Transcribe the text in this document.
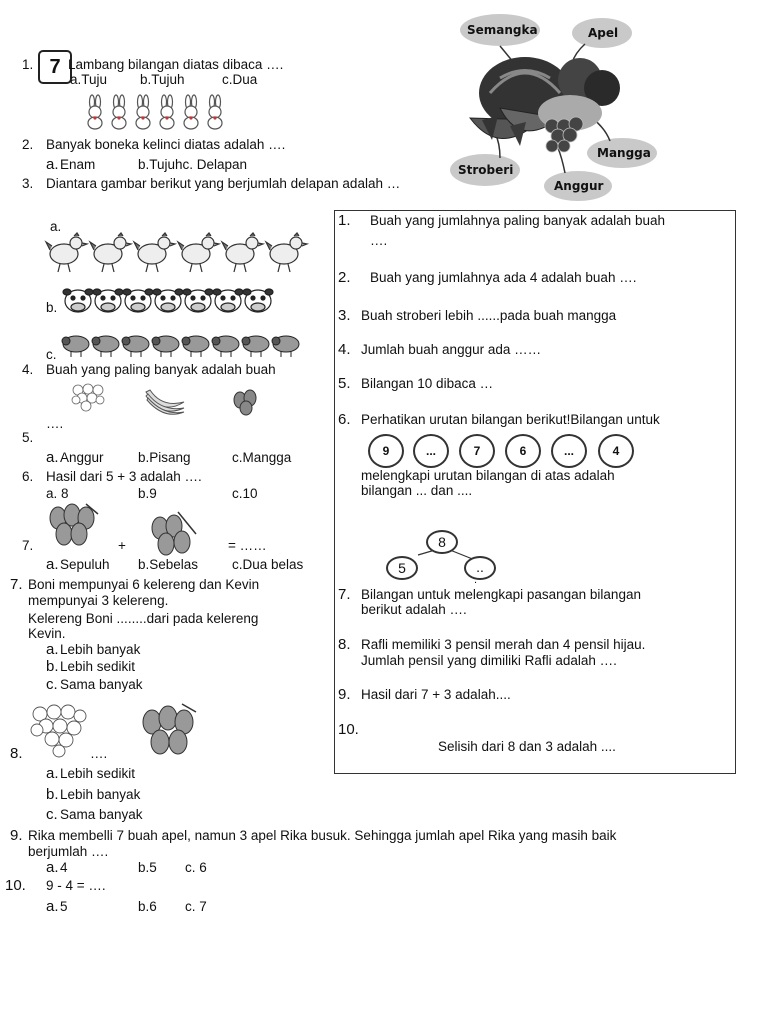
1. 7 Lambang bilangan diatas dibaca ….
a.Tuju b.Tujuh	c.Dua
2. Banyak boneka kelinci diatas adalah ….
a. Enam	b.Tujuhc. Delapan
3. Diantara gambar berikut yang berjumlah delapan adalah …
a.
b.
c.
4. Buah yang paling banyak adalah buah
….
5.
a. Anggur	b.Pisang	c.Mangga
6. Hasil dari 5 + 3 adalah ….
a. 8	b.9	c.10
7.	+	= ……
a. Sepuluh b.Sebelas	c.Dua belas
7. Boni mempunyai 6 kelereng dan Kevin
mempunyai 3 kelereng.
Kelereng Boni ........dari pada kelereng
Kevin.
a. Lebih banyak
b. Lebih sedikit
c. Sama banyak
8.	….
a. Lebih sedikit
b. Lebih banyak
c. Sama banyak
9. Rika membelli 7 buah apel, namun 3 apel Rika busuk. Sehingga jumlah apel Rika yang masih baik
berjumlah ….
a. 4	b.5 c. 6
10. 9 - 4 = ….
a. 5	b.6 c. 7
Semangka	Apel
Stroberi
Mangga
Anggur
1. Buah yang jumlahnya paling banyak adalah buah
….
2. Buah yang jumlahnya ada 4 adalah buah ….
3. Buah stroberi lebih ......pada buah mangga
4. Jumlah buah anggur ada ……
5. Bilangan 10 dibaca …
6. Perhatikan urutan bilangan berikut!Bilangan untuk
9	...	7	6	...	4
melengkapi urutan bilangan di atas adalah
bilangan ... dan ....
8
5	..
.
7. Bilangan untuk melengkapi pasangan bilangan
berikut adalah ….
8. Rafli memiliki 3 pensil merah dan 4 pensil hijau.
Jumlah pensil yang dimiliki Rafli adalah ….
9. Hasil dari 7 + 3 adalah....
10.
Selisih dari 8 dan 3 adalah ....
